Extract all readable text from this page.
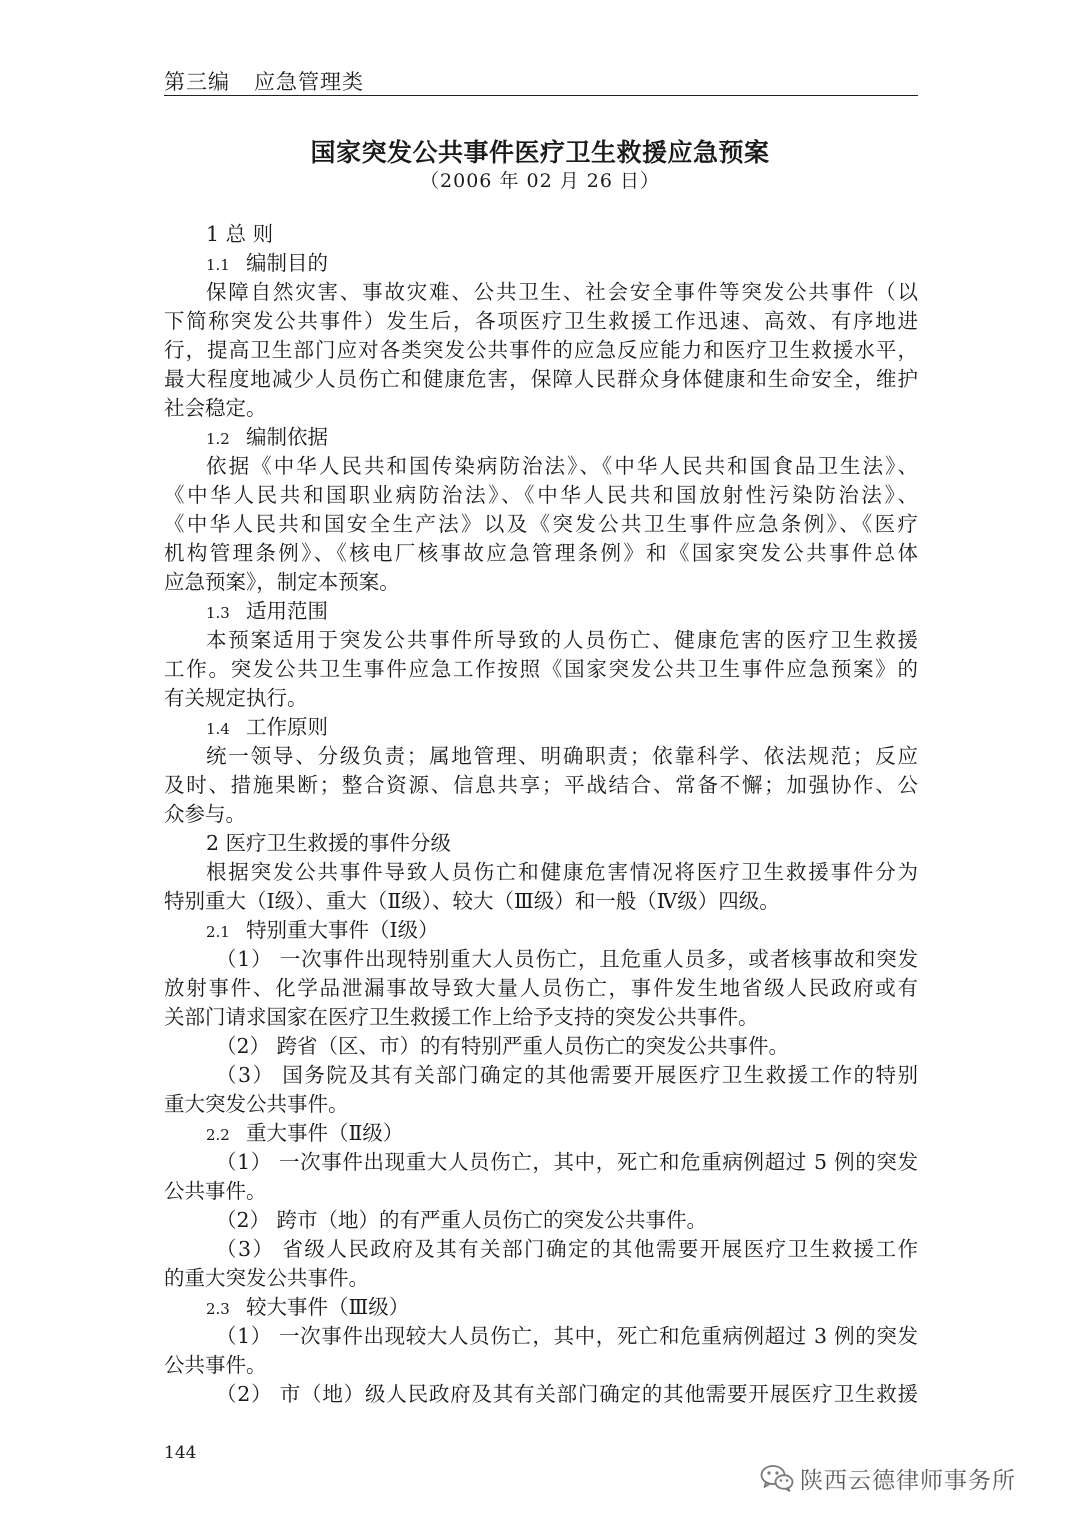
第三编 应急管理类
国家突发公共事件医疗卫生救援应急预案
（2006 年 02 月 26 日）
1 总 则
1.1 编制目的
保障自然灾害、事故灾难、公共卫生、社会安全事件等突发公共事件（以
下简称突发公共事件）发生后，各项医疗卫生救援工作迅速、高效、有序地进
行，提高卫生部门应对各类突发公共事件的应急反应能力和医疗卫生救援水平，
最大程度地减少人员伤亡和健康危害，保障人民群众身体健康和生命安全，维护
社会稳定。
1.2 编制依据
依据《中华人民共和国传染病防治法》、《中华人民共和国食品卫生法》、
《中华人民共和国职业病防治法》、《中华人民共和国放射性污染防治法》、
《中华人民共和国安全生产法》以及《突发公共卫生事件应急条例》、《医疗
机构管理条例》、《核电厂核事故应急管理条例》和《国家突发公共事件总体
应急预案》，制定本预案。
1.3 适用范围
本预案适用于突发公共事件所导致的人员伤亡、健康危害的医疗卫生救援
工作。突发公共卫生事件应急工作按照《国家突发公共卫生事件应急预案》的
有关规定执行。
1.4 工作原则
统一领导、分级负责；属地管理、明确职责；依靠科学、依法规范；反应
及时、措施果断；整合资源、信息共享；平战结合、常备不懈；加强协作、公
众参与。
2 医疗卫生救援的事件分级
根据突发公共事件导致人员伤亡和健康危害情况将医疗卫生救援事件分为
特别重大（Ⅰ级）、重大（Ⅱ级）、较大（Ⅲ级）和一般（Ⅳ级）四级。
2.1 特别重大事件（Ⅰ级）
（1） 一次事件出现特别重大人员伤亡，且危重人员多，或者核事故和突发
放射事件、化学品泄漏事故导致大量人员伤亡，事件发生地省级人民政府或有
关部门请求国家在医疗卫生救援工作上给予支持的突发公共事件。
（2） 跨省（区、市）的有特别严重人员伤亡的突发公共事件。
（3） 国务院及其有关部门确定的其他需要开展医疗卫生救援工作的特别
重大突发公共事件。
2.2 重大事件（Ⅱ级）
（1） 一次事件出现重大人员伤亡，其中，死亡和危重病例超过 5 例的突发
公共事件。
（2） 跨市（地）的有严重人员伤亡的突发公共事件。
（3） 省级人民政府及其有关部门确定的其他需要开展医疗卫生救援工作
的重大突发公共事件。
2.3 较大事件（Ⅲ级）
（1） 一次事件出现较大人员伤亡，其中，死亡和危重病例超过 3 例的突发
公共事件。
（2） 市（地）级人民政府及其有关部门确定的其他需要开展医疗卫生救援
144
陕西云德律师事务所
